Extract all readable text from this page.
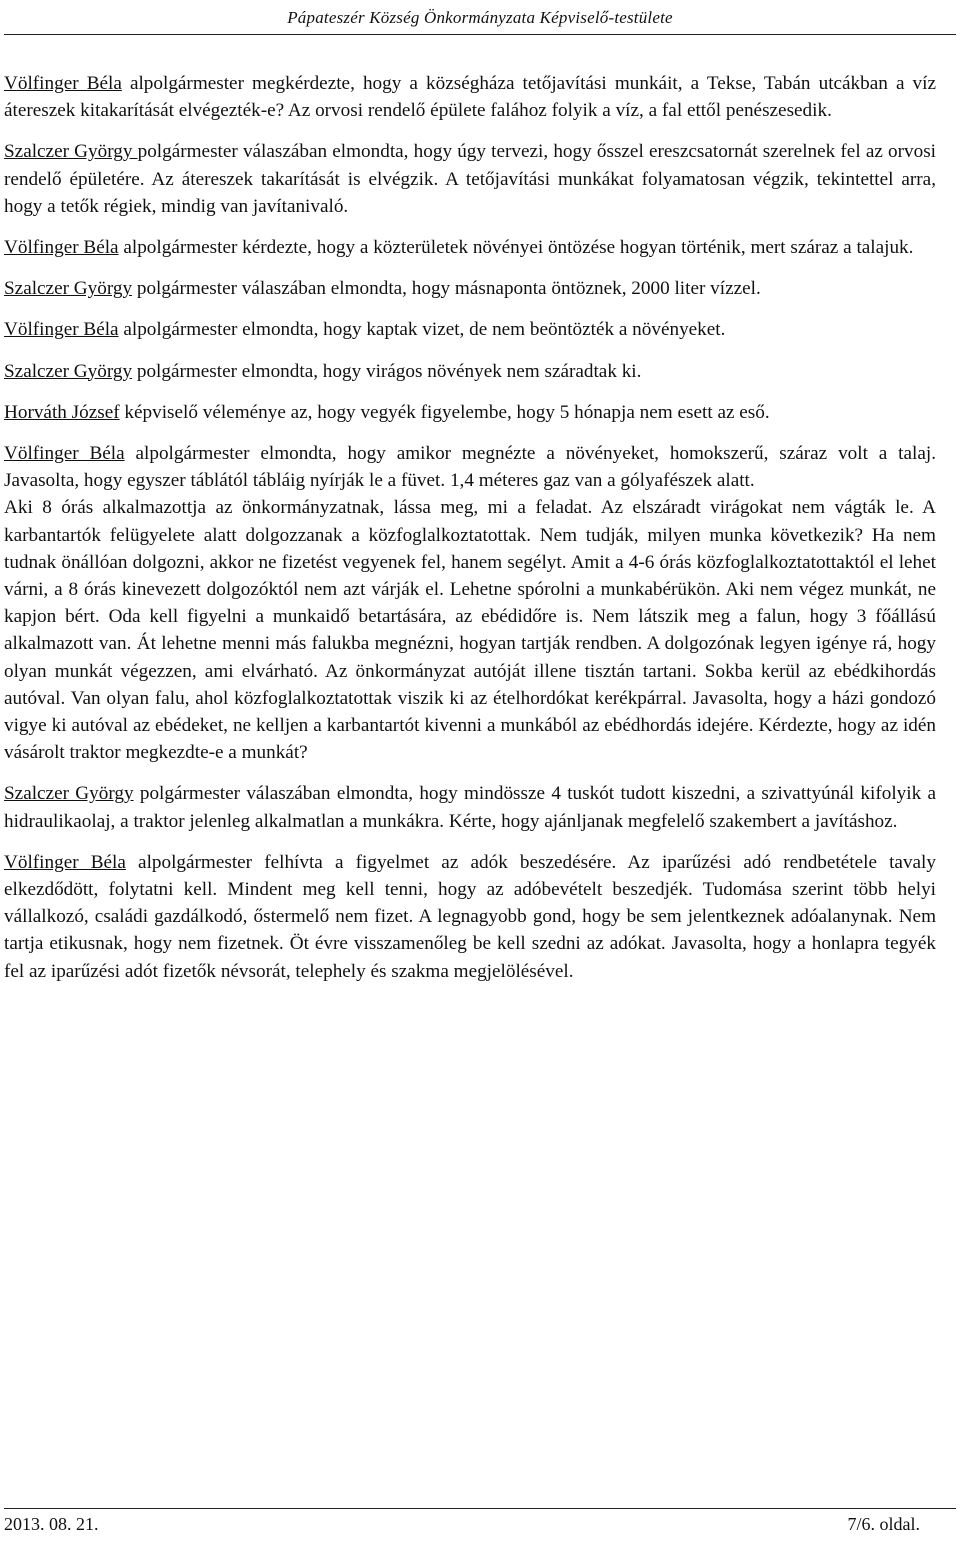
Pápateszér Község Önkormányzata Képviselő-testülete

Völfinger Béla alpolgármester megkérdezte, hogy a községháza tetőjavítási munkáit, a Tekse, Tabán utcákban a víz átereszek kitakarítását elvégezték-e? Az orvosi rendelő épülete falához folyik a víz, a fal ettől penészesedik.

Szalczer György polgármester válaszában elmondta, hogy úgy tervezi, hogy ősszel ereszcsatornát szerelnek fel az orvosi rendelő épületére. Az átereszek takarítását is elvégzik. A tetőjavítási munkákat folyamatosan végzik, tekintettel arra, hogy a tetők régiek, mindig van javítanivaló.

Völfinger Béla alpolgármester kérdezte, hogy a közterületek növényei öntözése hogyan történik, mert száraz a talajuk.

Szalczer György polgármester válaszában elmondta, hogy másnaponta öntöznek, 2000 liter vízzel.

Völfinger Béla alpolgármester elmondta, hogy kaptak vizet, de nem beöntözték a növényeket.

Szalczer György polgármester elmondta, hogy virágos növények nem száradtak ki.

Horváth József képviselő véleménye az, hogy vegyék figyelembe, hogy 5 hónapja nem esett az eső.

Völfinger Béla alpolgármester elmondta, hogy amikor megnézte a növényeket, homokszerű, száraz volt a talaj. Javasolta, hogy egyszer táblától tábláig nyírják le a füvet. 1,4 méteres gaz van a gólyafészek alatt.

Aki 8 órás alkalmazottja az önkormányzatnak, lássa meg, mi a feladat. Az elszáradt virágokat nem vágták le. A karbantartók felügyelete alatt dolgozzanak a közfoglalkoztatottak. Nem tudják, milyen munka következik? Ha nem tudnak önállóan dolgozni, akkor ne fizetést vegyenek fel, hanem segélyt. Amit a 4-6 órás közfoglalkoztatottaktól el lehet várni, a 8 órás kinevezett dolgozóktól nem azt várják el. Lehetne spórolni a munkabérükön. Aki nem végez munkát, ne kapjon bért. Oda kell figyelni a munkaidő betartására, az ebédidőre is. Nem látszik meg a falun, hogy 3 főállású alkalmazott van. Át lehetne menni más falukba megnézni, hogyan tartják rendben. A dolgozónak legyen igénye rá, hogy olyan munkát végezzen, ami elvárható. Az önkormányzat autóját illene tisztán tartani. Sokba kerül az ebédkihordás autóval. Van olyan falu, ahol közfoglalkoztatottak viszik ki az ételhordókat kerékpárral. Javasolta, hogy a házi gondozó vigye ki autóval az ebédeket, ne kelljen a karbantartót kivenni a munkából az ebédhordás idejére. Kérdezte, hogy az idén vásárolt traktor megkezdte-e a munkát?

Szalczer György polgármester válaszában elmondta, hogy mindössze 4 tuskót tudott kiszedni, a szivattyúnál kifolyik a hidraulikaolaj, a traktor jelenleg alkalmatlan a munkákra. Kérte, hogy ajánljanak megfelelő szakembert a javításhoz.

Völfinger Béla alpolgármester felhívta a figyelmet az adók beszedésére. Az iparűzési adó rendbetétele tavaly elkezdődött, folytatni kell. Mindent meg kell tenni, hogy az adóbevételt beszedjék. Tudomása szerint több helyi vállalkozó, családi gazdálkodó, őstermelő nem fizet. A legnagyobb gond, hogy be sem jelentkeznek adóalanynak. Nem tartja etikusnak, hogy nem fizetnek. Öt évre visszamenőleg be kell szedni az adókat. Javasolta, hogy a honlapra tegyék fel az iparűzési adót fizetők névsorát, telephely és szakma megjelölésével.

2013. 08. 21.	7/6. oldal.
